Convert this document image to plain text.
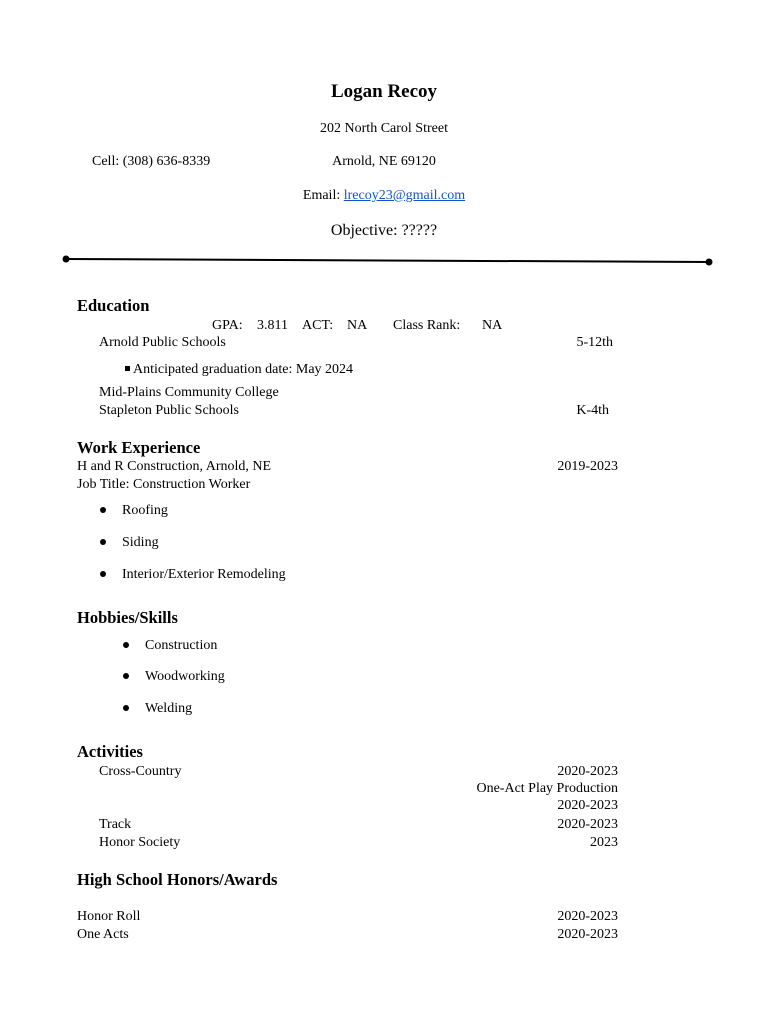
Logan Recoy
202 North Carol Street
Cell: (308) 636-8339	Arnold, NE 69120
Email: lrecoy23@gmail.com
Objective: ?????
Education
GPA: 3.811 ACT: NA Class Rank: NA
Arnold Public Schools	5-12th
Anticipated graduation date: May 2024
Mid-Plains Community College
Stapleton Public Schools	K-4th
Work Experience
H and R Construction, Arnold, NE	2019-2023
Job Title: Construction Worker
Roofing
Siding
Interior/Exterior Remodeling
Hobbies/Skills
Construction
Woodworking
Welding
Activities
Cross-Country	2020-2023
One-Act Play Production
2020-2023
Track	2020-2023
Honor Society	2023
High School Honors/Awards
Honor Roll	2020-2023
One Acts	2020-2023
